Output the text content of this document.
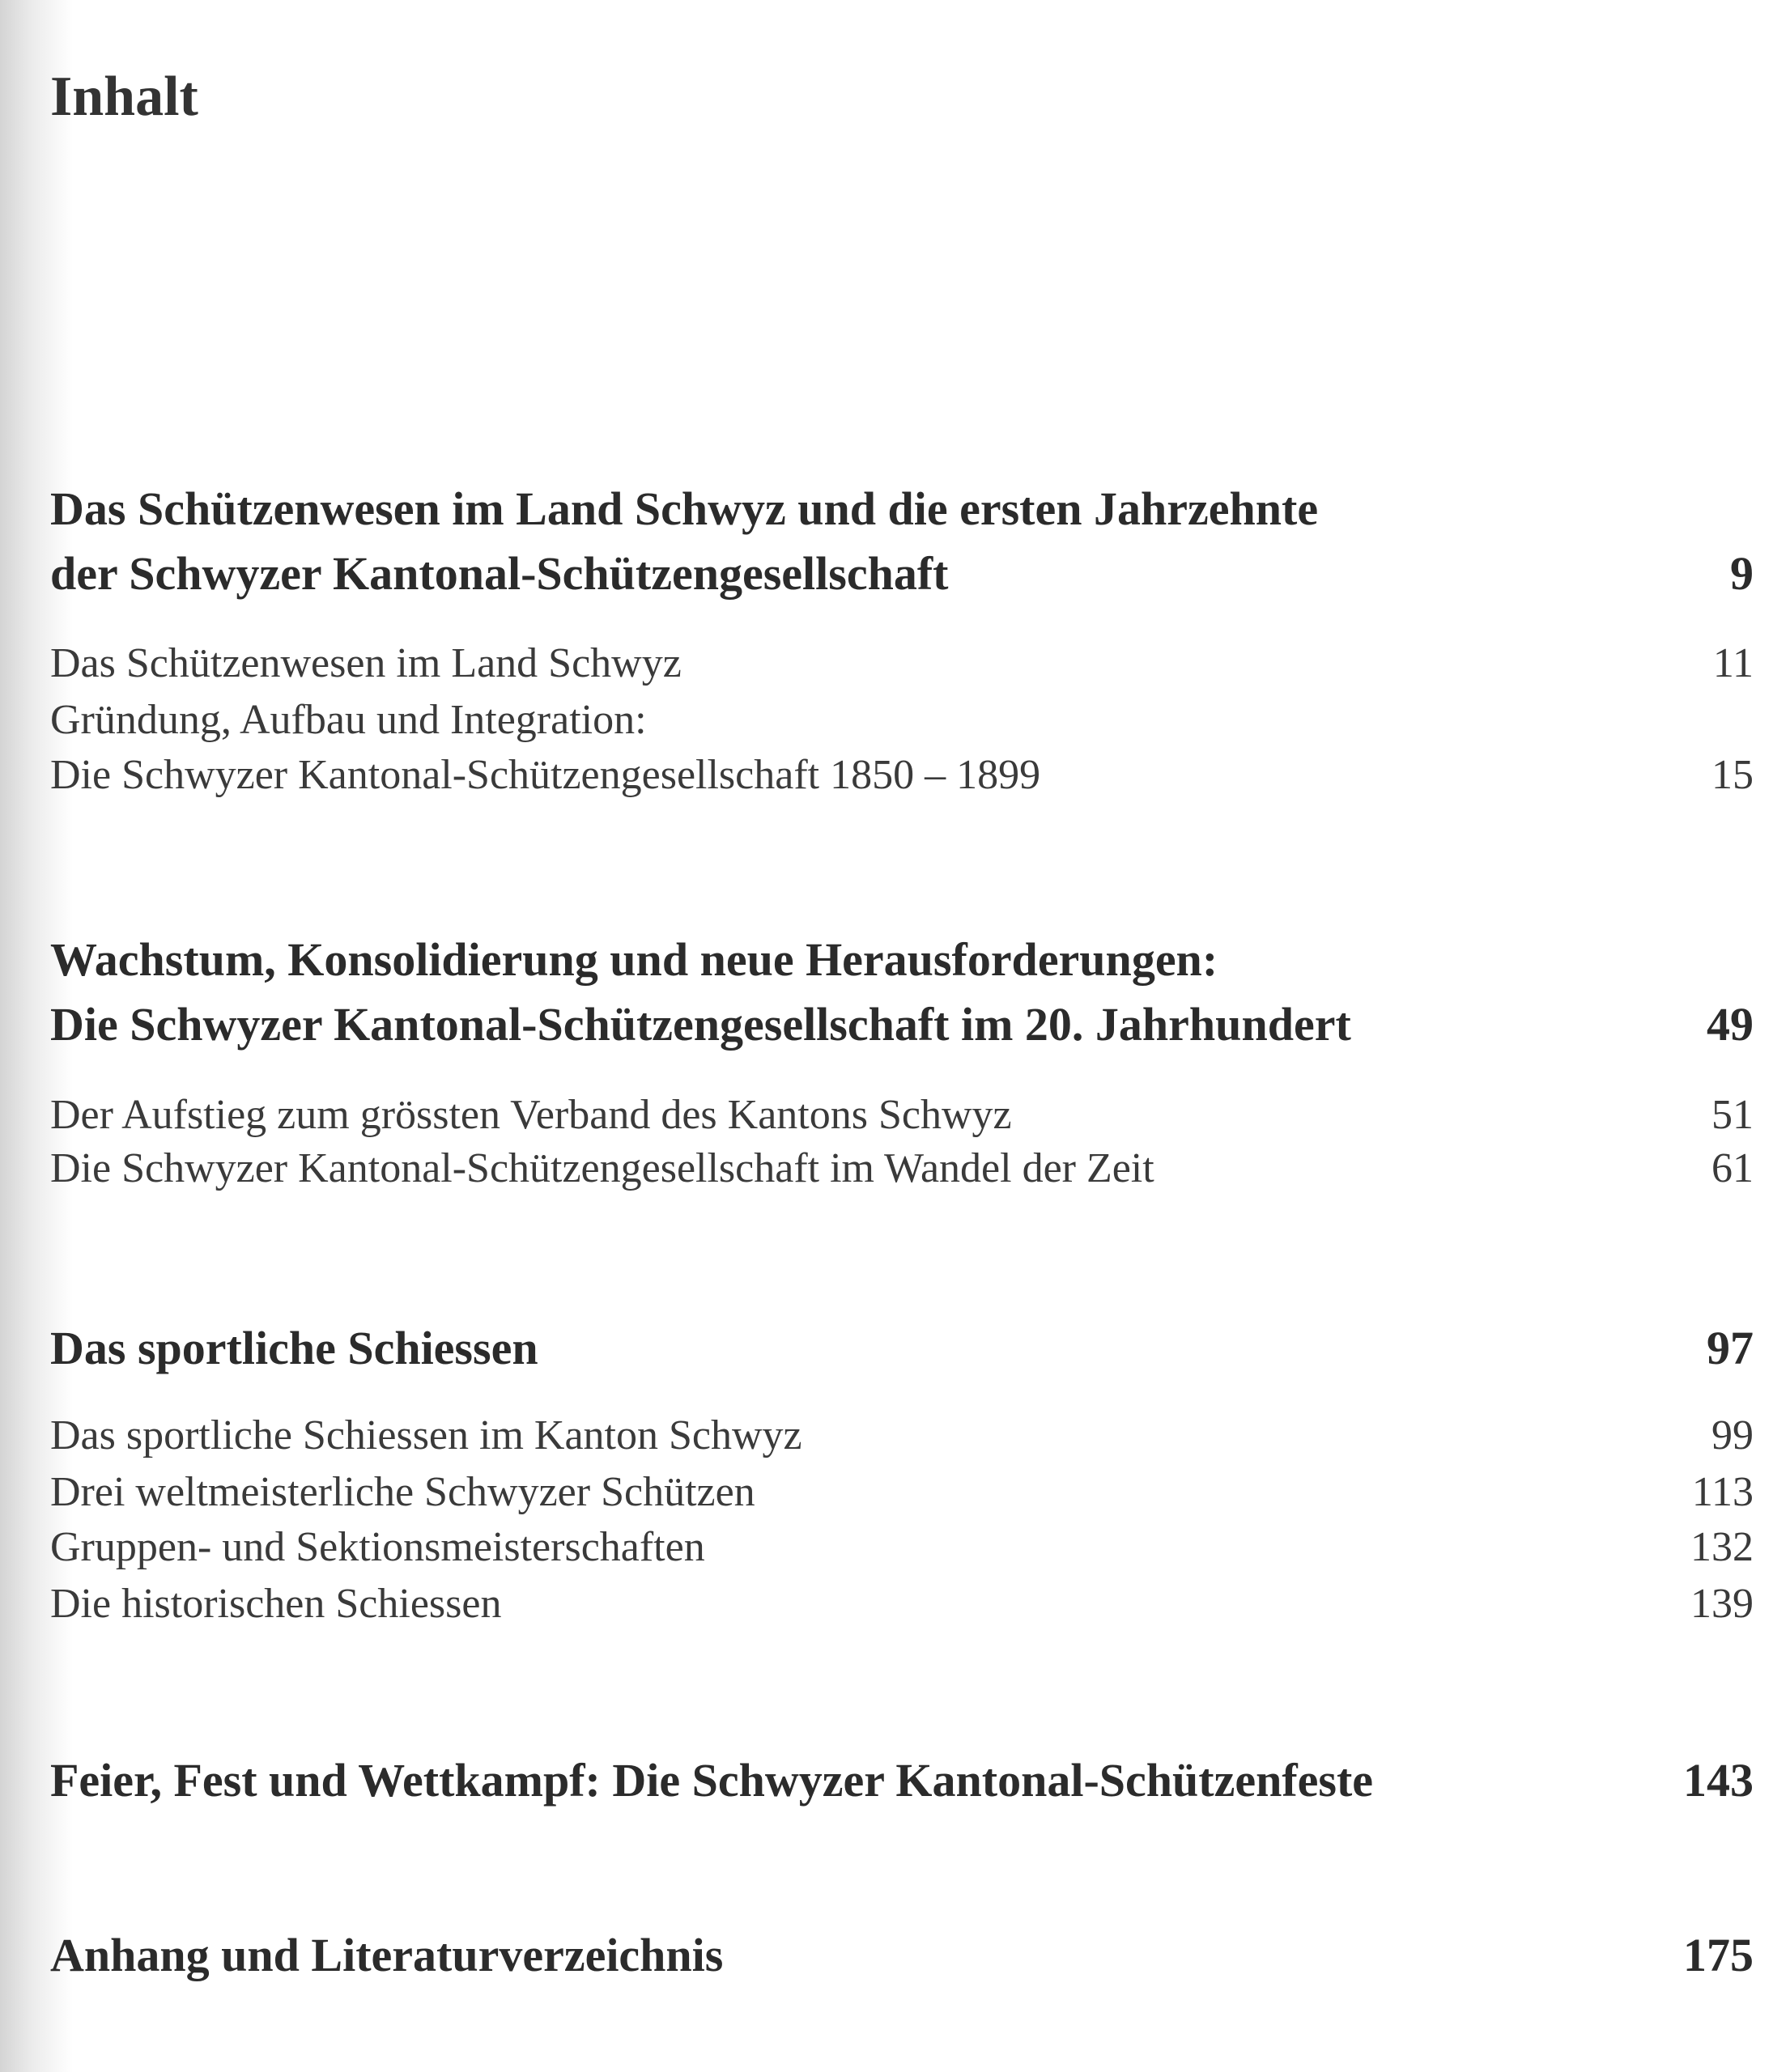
Inhalt
Das Schützenwesen im Land Schwyz und die ersten Jahrzehnte
der Schwyzer Kantonal-Schützengesellschaft	9
Das Schützenwesen im Land Schwyz	11
Gründung, Aufbau und Integration:
Die Schwyzer Kantonal-Schützengesellschaft 1850 – 1899	15
Wachstum, Konsolidierung und neue Herausforderungen:
Die Schwyzer Kantonal-Schützengesellschaft im 20. Jahrhundert	49
Der Aufstieg zum grössten Verband des Kantons Schwyz	51
Die Schwyzer Kantonal-Schützengesellschaft im Wandel der Zeit	61
Das sportliche Schiessen	97
Das sportliche Schiessen im Kanton Schwyz	99
Drei weltmeisterliche Schwyzer Schützen	113
Gruppen- und Sektionsmeisterschaften	132
Die historischen Schiessen	139
Feier, Fest und Wettkampf: Die Schwyzer Kantonal-Schützenfeste	143
Anhang und Literaturverzeichnis	175
